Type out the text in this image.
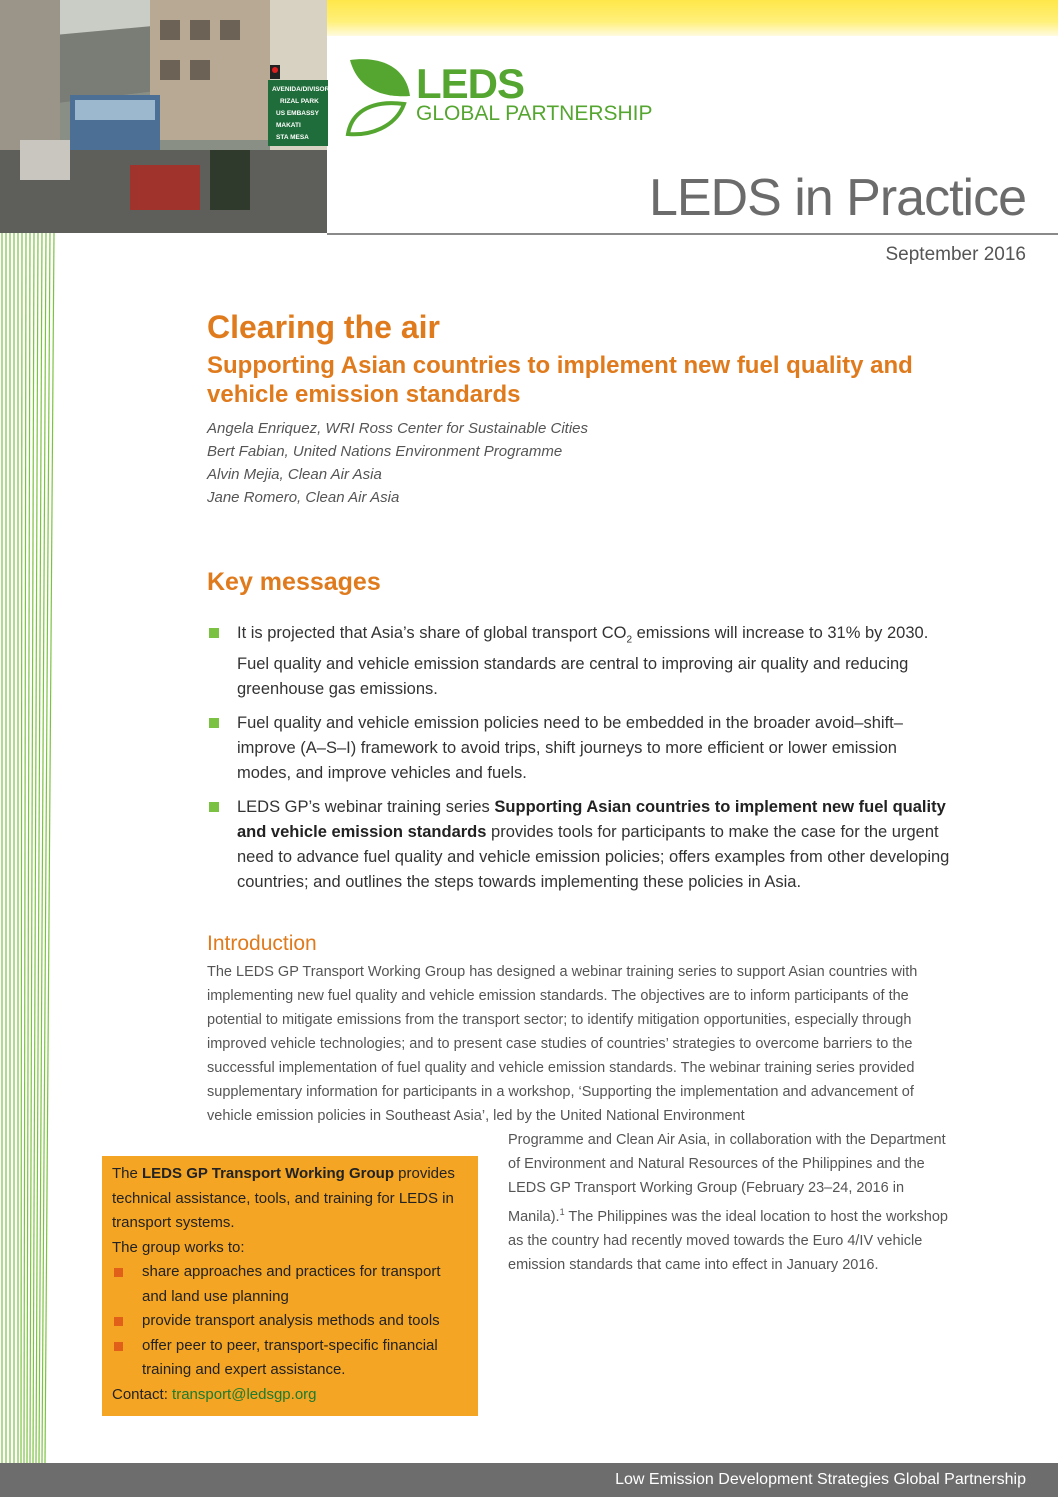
AVENIDA/DIVISORIA
RIZAL PARK
US EMBASSY
MAKATI
STA MESA
LEDS
GLOBAL PARTNERSHIP
LEDS in Practice
September 2016
Clearing the air
Supporting Asian countries to implement new fuel quality and vehicle emission standards
Angela Enriquez, WRI Ross Center for Sustainable Cities
Bert Fabian, United Nations Environment Programme
Alvin Mejia, Clean Air Asia
Jane Romero, Clean Air Asia
Key messages
It is projected that Asia’s share of global transport $CO_2$ emissions will increase to 31% by 2030. Fuel quality and vehicle emission standards are central to improving air quality and reducing greenhouse gas emissions.
Fuel quality and vehicle emission policies need to be embedded in the broader avoid–shift–improve (A–S–I) framework to avoid trips, shift journeys to more efficient or lower emission modes, and improve vehicles and fuels.
LEDS GP’s webinar training series Supporting Asian countries to implement new fuel quality and vehicle emission standards provides tools for participants to make the case for the urgent need to advance fuel quality and vehicle emission policies; offers examples from other developing countries; and outlines the steps towards implementing these policies in Asia.
Introduction
The LEDS GP Transport Working Group has designed a webinar training series to support Asian countries with implementing new fuel quality and vehicle emission standards. The objectives are to inform participants of the potential to mitigate emissions from the transport sector; to identify mitigation opportunities, especially through improved vehicle technologies; and to present case studies of countries’ strategies to overcome barriers to the successful implementation of fuel quality and vehicle emission standards. The webinar training series provided supplementary information for participants in a workshop, ‘Supporting the implementation and advancement of vehicle emission policies in Southeast Asia’, led by the United National Environment
Programme and Clean Air Asia, in collaboration with the Department of Environment and Natural Resources of the Philippines and the LEDS GP Transport Working Group (February 23–24, 2016 in Manila).$^1$ The Philippines was the ideal location to host the workshop as the country had recently moved towards the Euro 4/IV vehicle emission standards that came into effect in January 2016.
The LEDS GP Transport Working Group provides technical assistance, tools, and training for LEDS in transport systems.
The group works to:
share approaches and practices for transport and land use planning
provide transport analysis methods and tools
offer peer to peer, transport-specific financial training and expert assistance.
Contact: transport@ledsgp.org
Low Emission Development Strategies Global Partnership
